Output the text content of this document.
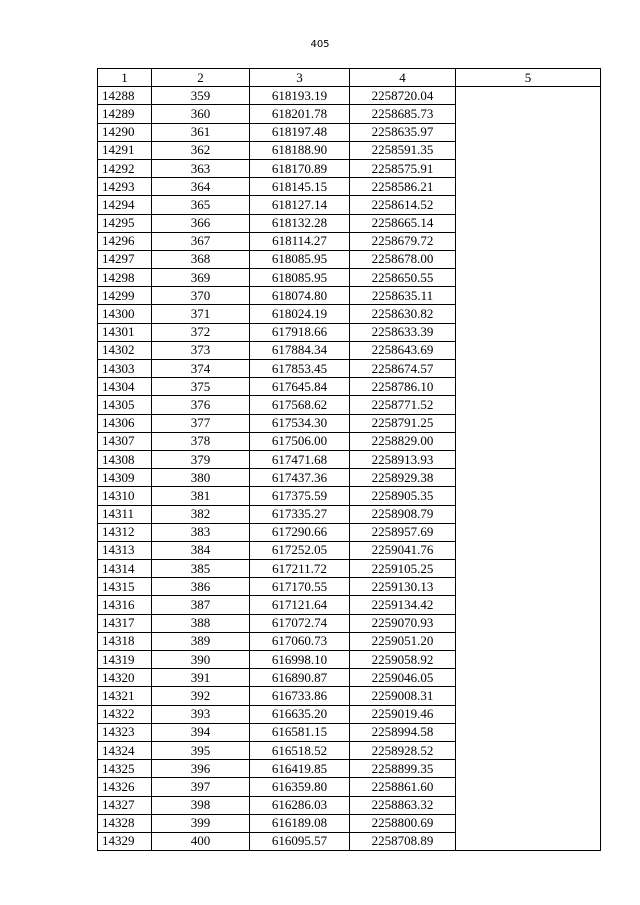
405
1	2	3	4	5
14288	359	618193.19	2258720.04	
14289	360	618201.78	2258685.73	
14290	361	618197.48	2258635.97	
14291	362	618188.90	2258591.35	
14292	363	618170.89	2258575.91	
14293	364	618145.15	2258586.21	
14294	365	618127.14	2258614.52	
14295	366	618132.28	2258665.14	
14296	367	618114.27	2258679.72	
14297	368	618085.95	2258678.00	
14298	369	618085.95	2258650.55	
14299	370	618074.80	2258635.11	
14300	371	618024.19	2258630.82	
14301	372	617918.66	2258633.39	
14302	373	617884.34	2258643.69	
14303	374	617853.45	2258674.57	
14304	375	617645.84	2258786.10	
14305	376	617568.62	2258771.52	
14306	377	617534.30	2258791.25	
14307	378	617506.00	2258829.00	
14308	379	617471.68	2258913.93	
14309	380	617437.36	2258929.38	
14310	381	617375.59	2258905.35	
14311	382	617335.27	2258908.79	
14312	383	617290.66	2258957.69	
14313	384	617252.05	2259041.76	
14314	385	617211.72	2259105.25	
14315	386	617170.55	2259130.13	
14316	387	617121.64	2259134.42	
14317	388	617072.74	2259070.93	
14318	389	617060.73	2259051.20	
14319	390	616998.10	2259058.92	
14320	391	616890.87	2259046.05	
14321	392	616733.86	2259008.31	
14322	393	616635.20	2259019.46	
14323	394	616581.15	2258994.58	
14324	395	616518.52	2258928.52	
14325	396	616419.85	2258899.35	
14326	397	616359.80	2258861.60	
14327	398	616286.03	2258863.32	
14328	399	616189.08	2258800.69	
14329	400	616095.57	2258708.89	
